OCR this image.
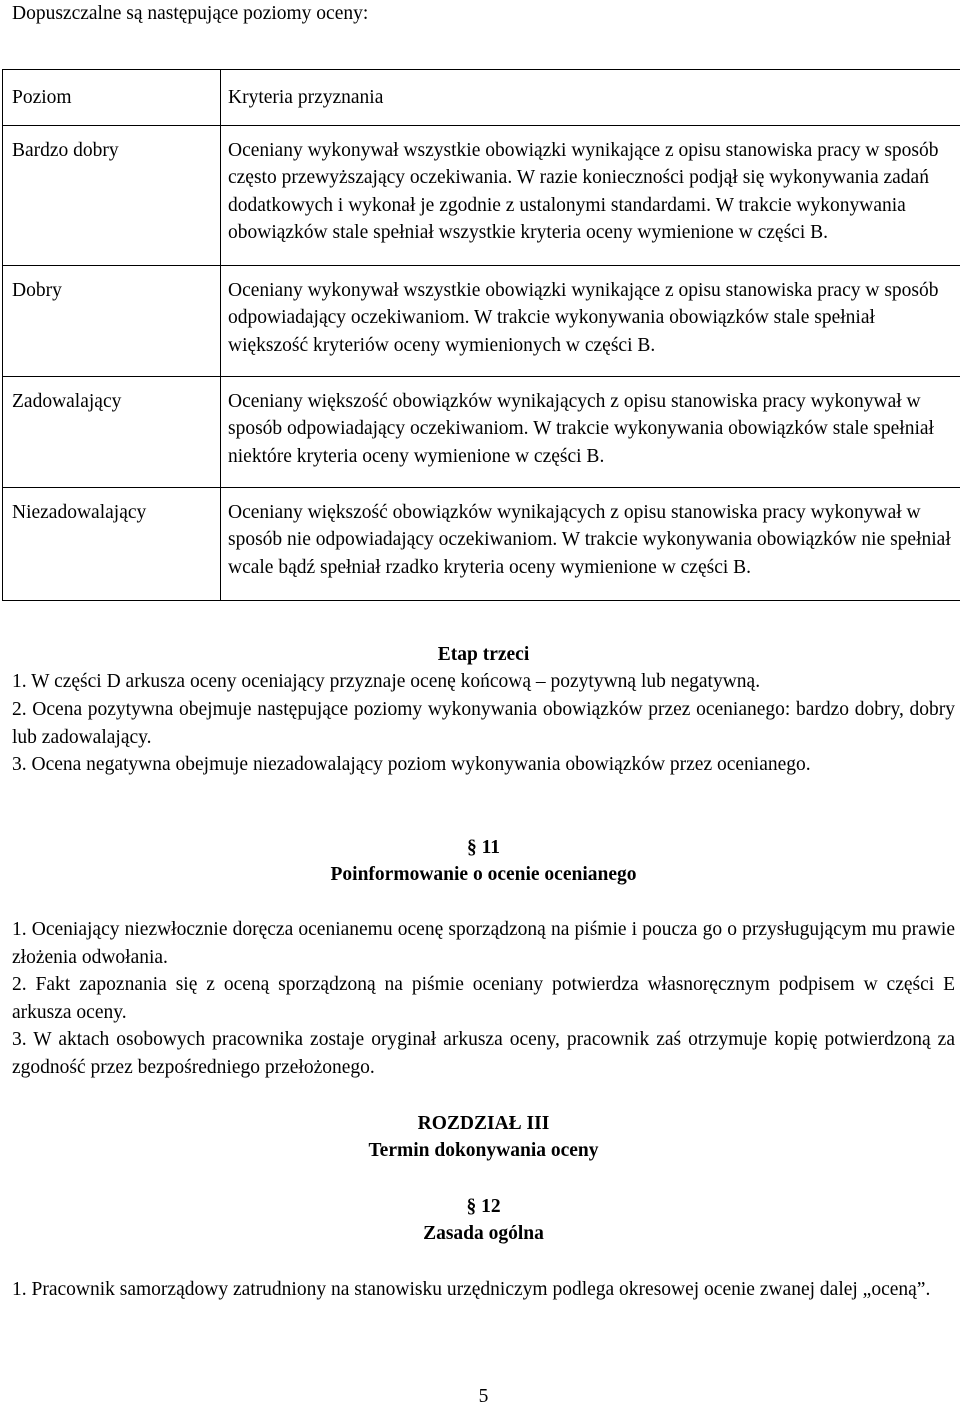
Dopuszczalne są następujące poziomy oceny:
Poziom	Kryteria przyznania

Bardzo dobry	Oceniany wykonywał wszystkie obowiązki wynikające z opisu stanowiska pracy w sposób często przewyższający oczekiwania. W razie konieczności podjął się wykonywania zadań dodatkowych i wykonał je zgodnie z ustalonymi standardami. W trakcie wykonywania obowiązków stale spełniał wszystkie kryteria oceny wymienione w części B.

Dobry	Oceniany wykonywał wszystkie obowiązki wynikające z opisu stanowiska pracy w sposób odpowiadający oczekiwaniom. W trakcie wykonywania obowiązków stale spełniał większość kryteriów oceny wymienionych w części B.

Zadowalający	Oceniany większość obowiązków wynikających z opisu stanowiska pracy wykonywał w sposób odpowiadający oczekiwaniom. W trakcie wykonywania obowiązków stale spełniał niektóre kryteria oceny wymienione w części B.

Niezadowalający	Oceniany większość obowiązków wynikających z opisu stanowiska pracy wykonywał w sposób nie odpowiadający oczekiwaniom. W trakcie wykonywania obowiązków nie spełniał wcale bądź spełniał rzadko kryteria oceny wymienione w części B.
Etap trzeci
1. W części D arkusza oceny oceniający przyznaje ocenę końcową – pozytywną lub negatywną.
2. Ocena pozytywna obejmuje następujące poziomy wykonywania obowiązków przez ocenianego: bardzo dobry, dobry lub zadowalający.
3. Ocena negatywna obejmuje niezadowalający poziom wykonywania obowiązków przez ocenianego.
§ 11
Poinformowanie o ocenie ocenianego
1. Oceniający niezwłocznie doręcza ocenianemu ocenę sporządzoną na piśmie i poucza go o przysługującym mu prawie złożenia odwołania.
2. Fakt zapoznania się z oceną sporządzoną na piśmie oceniany potwierdza własnoręcznym podpisem w części E arkusza oceny.
3. W aktach osobowych pracownika zostaje oryginał arkusza oceny, pracownik zaś otrzymuje kopię potwierdzoną za zgodność przez bezpośredniego przełożonego.
ROZDZIAŁ III
Termin dokonywania oceny
§ 12
Zasada ogólna
1. Pracownik samorządowy zatrudniony na stanowisku urzędniczym podlega okresowej ocenie zwanej dalej „oceną”.
5
